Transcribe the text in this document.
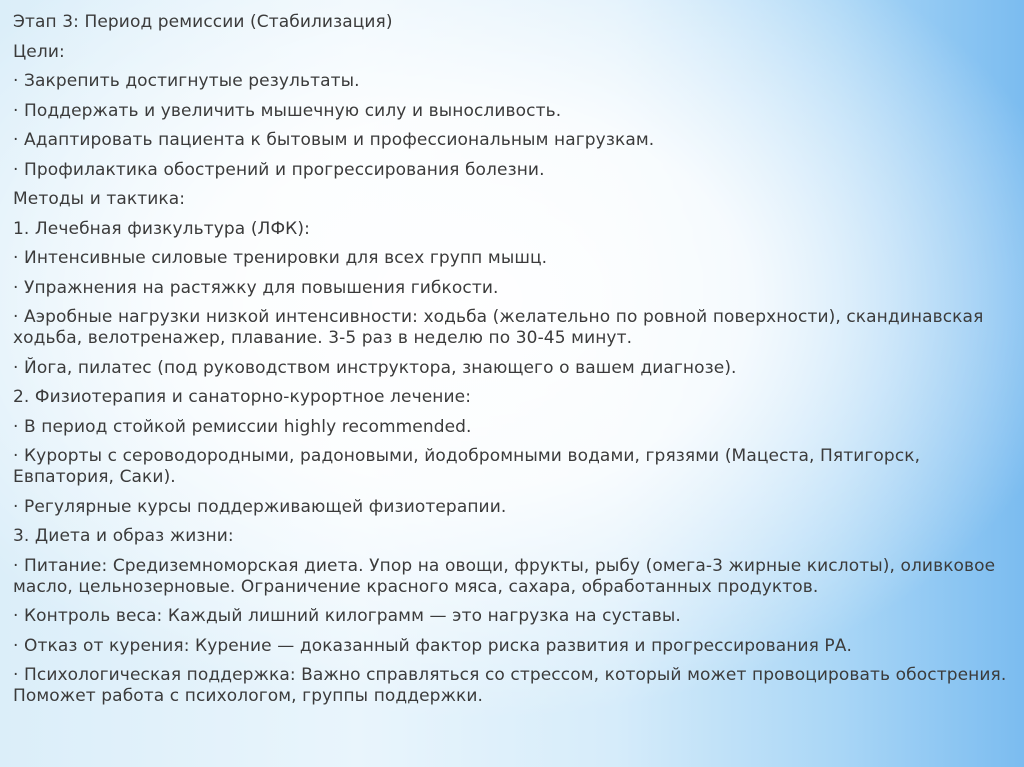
Этап 3: Период ремиссии (Стабилизация)
Цели:
· Закрепить достигнутые результаты.
· Поддержать и увеличить мышечную силу и выносливость.
· Адаптировать пациента к бытовым и профессиональным нагрузкам.
· Профилактика обострений и прогрессирования болезни.
Методы и тактика:
1. Лечебная физкультура (ЛФК):
· Интенсивные силовые тренировки для всех групп мышц.
· Упражнения на растяжку для повышения гибкости.
· Аэробные нагрузки низкой интенсивности: ходьба (желательно по ровной поверхности), скандинавская ходьба, велотренажер, плавание. 3-5 раз в неделю по 30-45 минут.
· Йога, пилатес (под руководством инструктора, знающего о вашем диагнозе).
2. Физиотерапия и санаторно-курортное лечение:
· В период стойкой ремиссии highly recommended.
· Курорты с сероводородными, радоновыми, йодобромными водами, грязями (Мацеста, Пятигорск, Евпатория, Саки).
· Регулярные курсы поддерживающей физиотерапии.
3. Диета и образ жизни:
· Питание: Средиземноморская диета. Упор на овощи, фрукты, рыбу (омега-3 жирные кислоты), оливковое масло, цельнозерновые. Ограничение красного мяса, сахара, обработанных продуктов.
· Контроль веса: Каждый лишний килограмм — это нагрузка на суставы.
· Отказ от курения: Курение — доказанный фактор риска развития и прогрессирования РА.
· Психологическая поддержка: Важно справляться со стрессом, который может провоцировать обострения. Поможет работа с психологом, группы поддержки.
